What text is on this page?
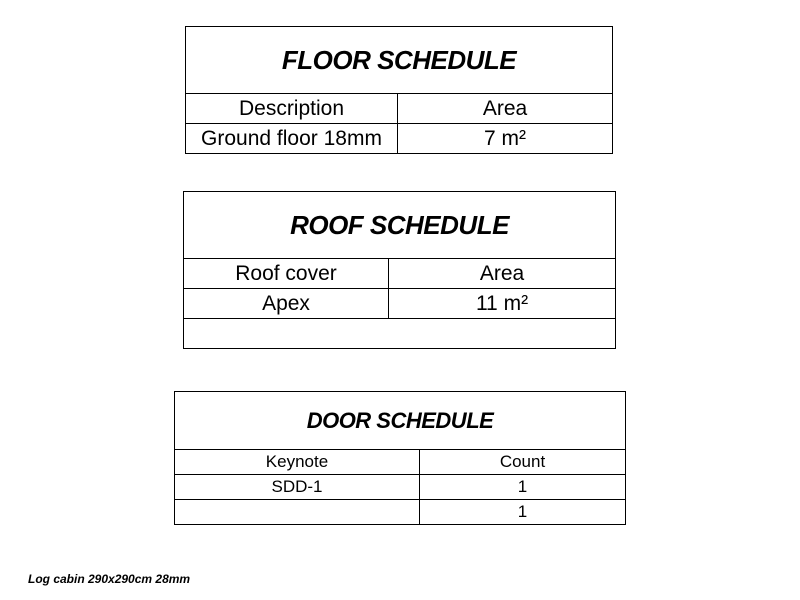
FLOOR SCHEDULE	
Description	Area
Ground floor 18mm	7 m²
ROOF SCHEDULE	
Roof cover	Area
Apex	11 m²

DOOR SCHEDULE	
Keynote	Count
SDD-1	1
	1
Log cabin 290x290cm 28mm
